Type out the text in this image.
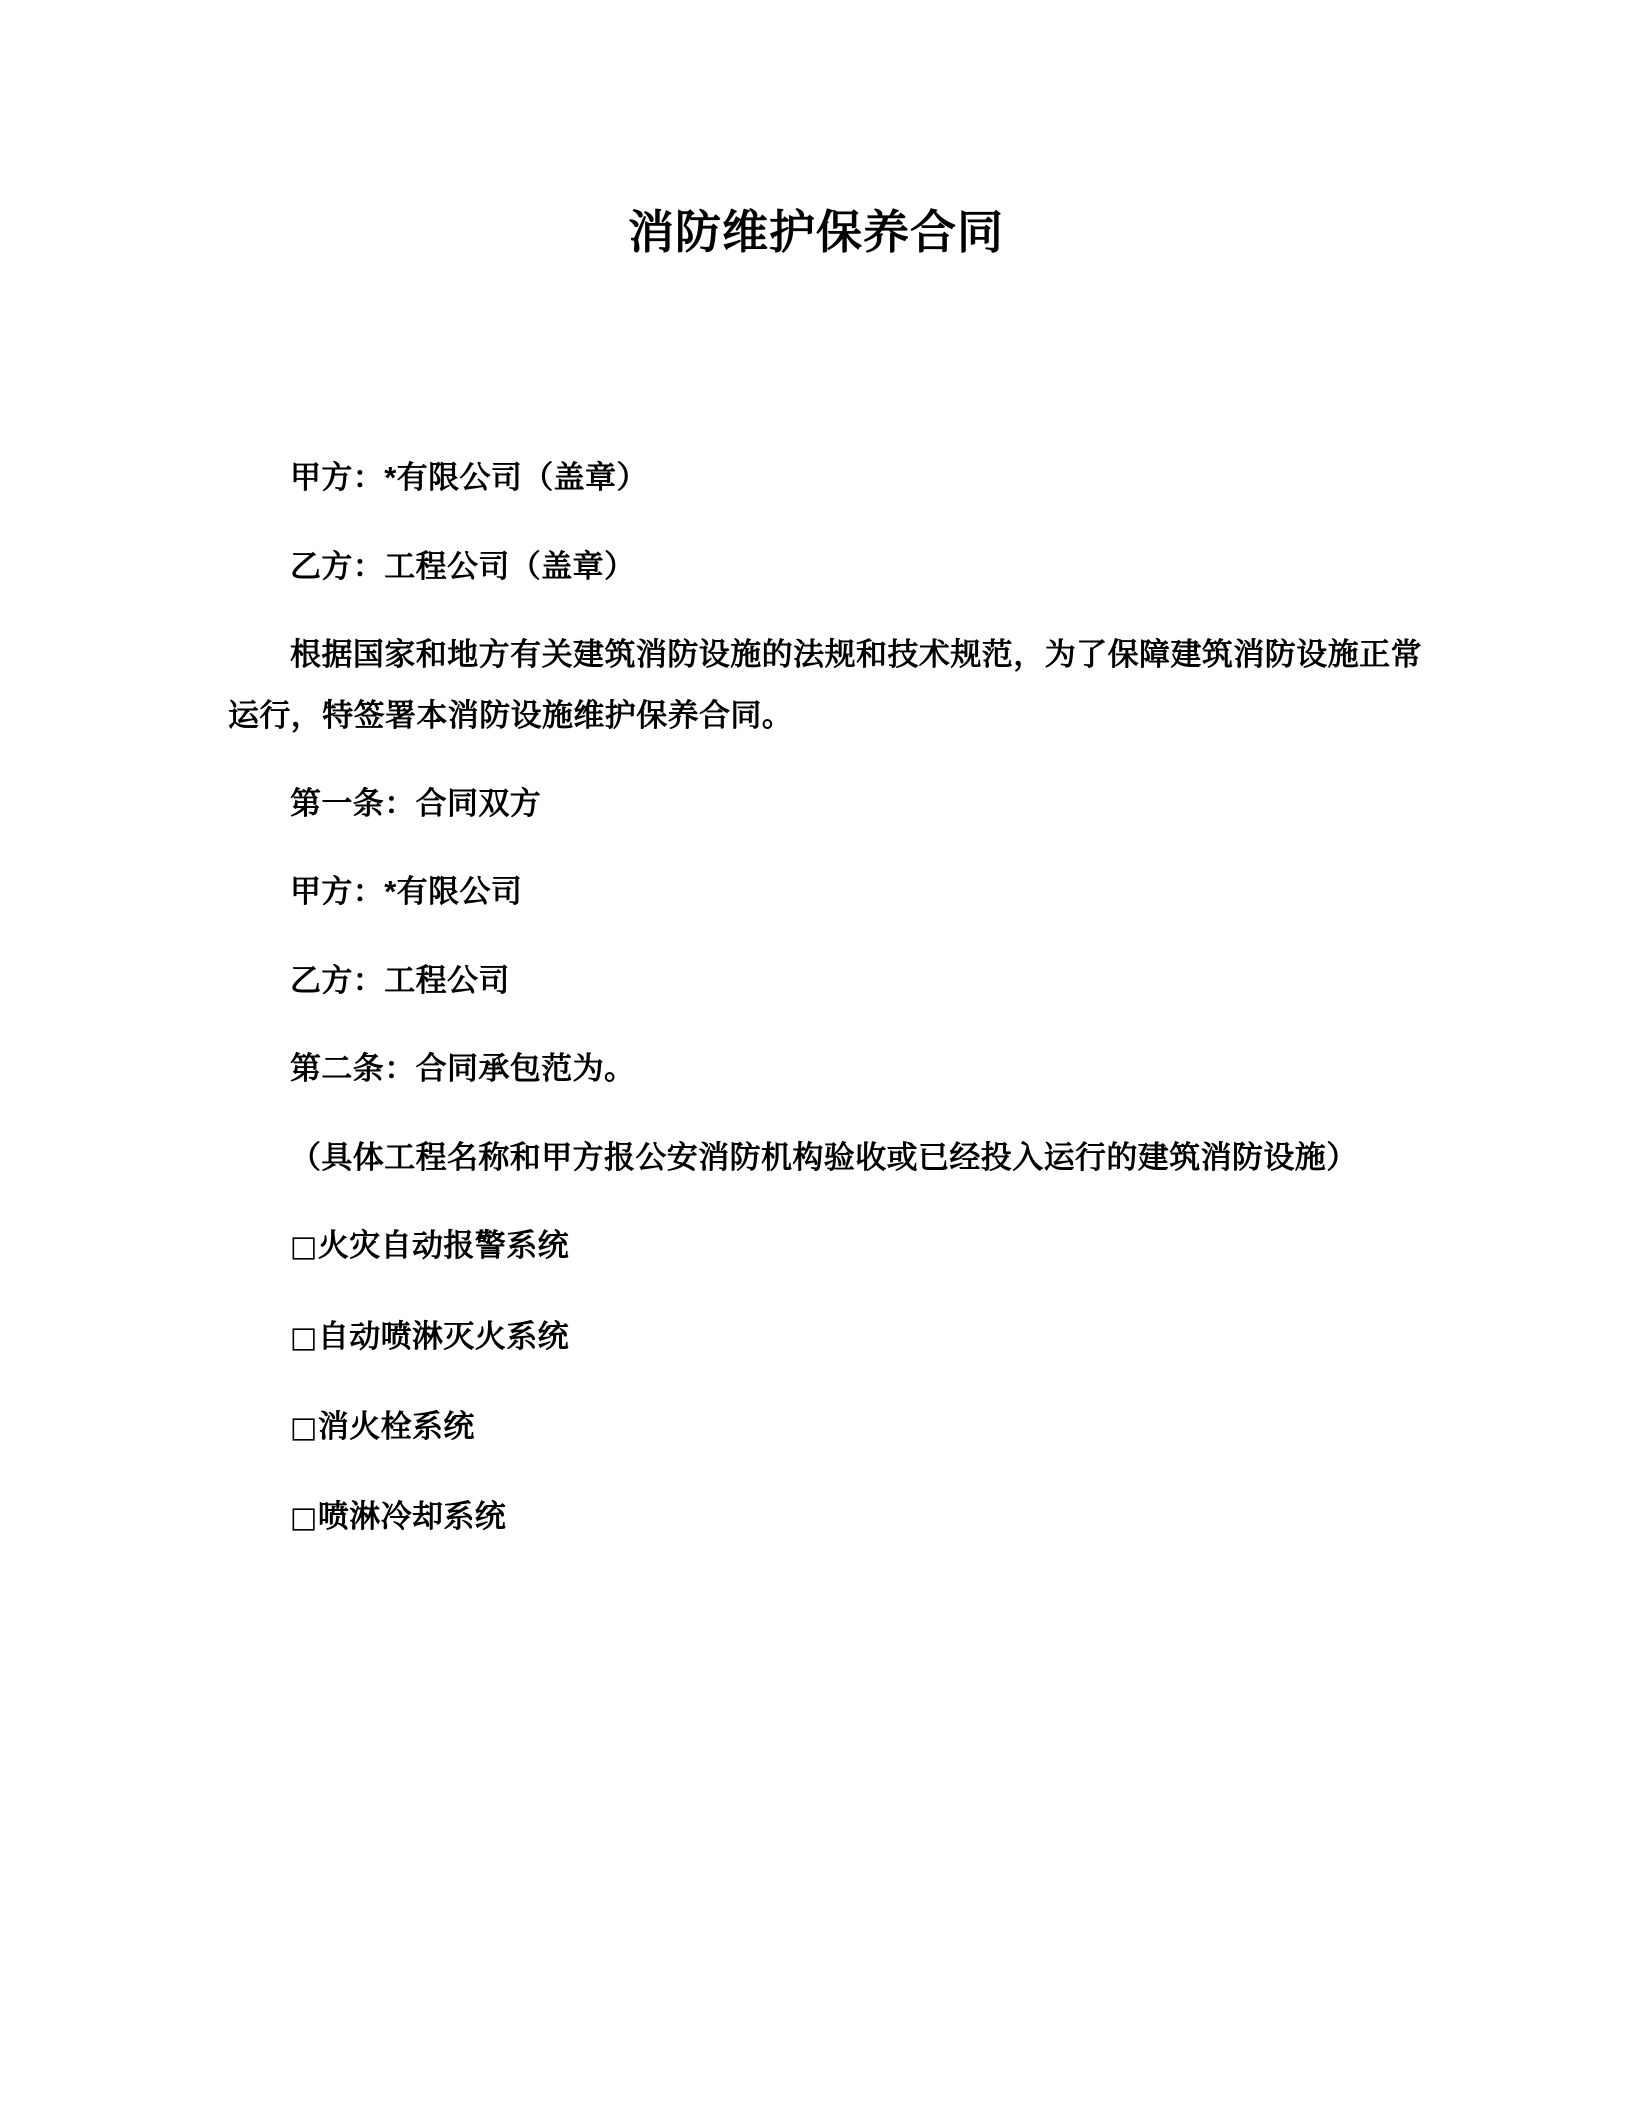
消防维护保养合同

甲方：*有限公司（盖章）

乙方：工程公司（盖章）

根据国家和地方有关建筑消防设施的法规和技术规范，为了保障建筑消防设施正常运行，特签署本消防设施维护保养合同。

第一条：合同双方

甲方：*有限公司

乙方：工程公司

第二条：合同承包范为。

（具体工程名称和甲方报公安消防机构验收或已经投入运行的建筑消防设施）

□火灾自动报警系统
□自动喷淋灭火系统
□消火栓系统
□喷淋冷却系统
